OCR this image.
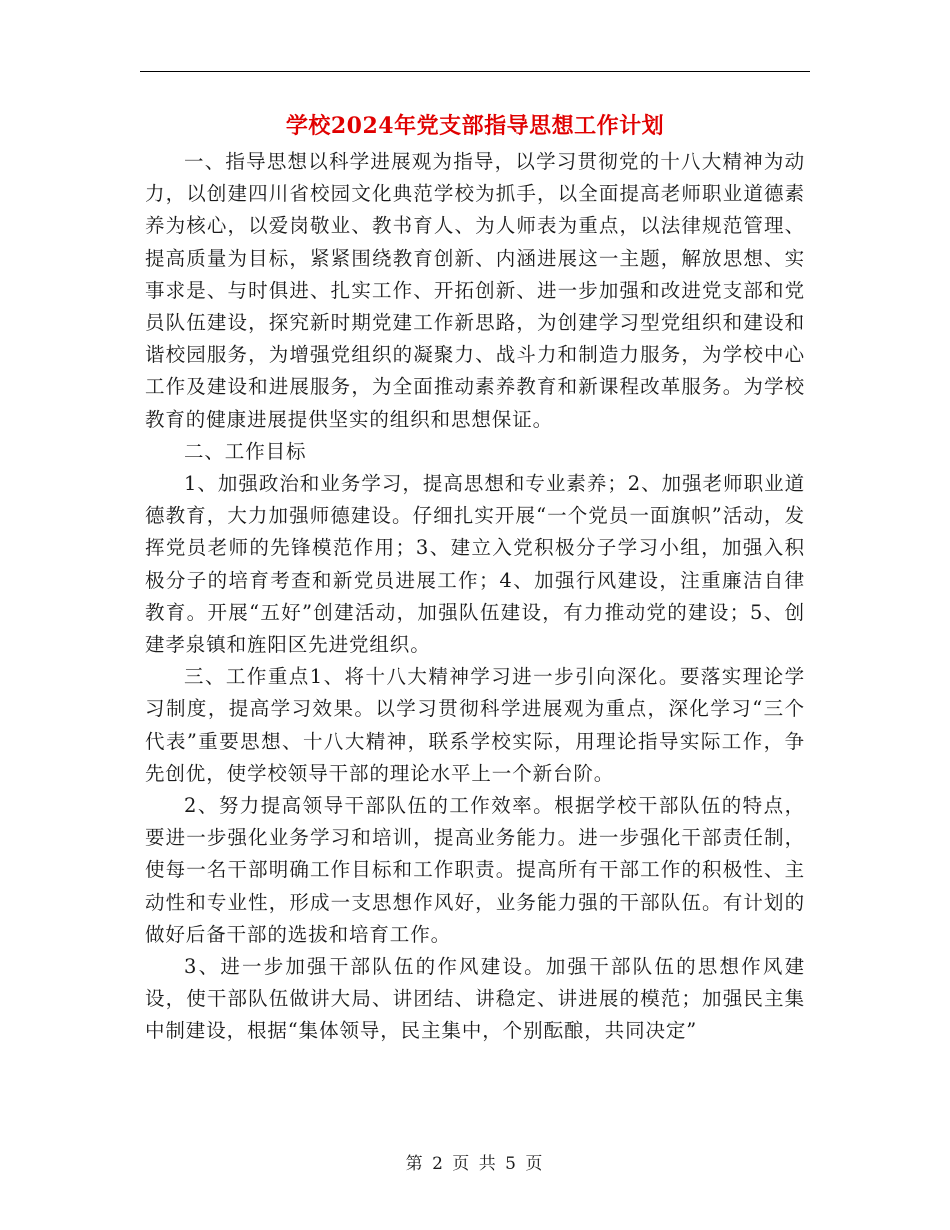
学校2024年党支部指导思想工作计划

一、指导思想以科学进展观为指导，以学习贯彻党的十八大精神为动力，以创建四川省校园文化典范学校为抓手，以全面提高老师职业道德素养为核心，以爱岗敬业、教书育人、为人师表为重点，以法律规范管理、提高质量为目标，紧紧围绕教育创新、内涵进展这一主题，解放思想、实事求是、与时俱进、扎实工作、开拓创新、进一步加强和改进党支部和党员队伍建设，探究新时期党建工作新思路，为创建学习型党组织和建设和谐校园服务，为增强党组织的凝聚力、战斗力和制造力服务，为学校中心工作及建设和进展服务，为全面推动素养教育和新课程改革服务。为学校教育的健康进展提供坚实的组织和思想保证。

二、工作目标

1、加强政治和业务学习，提高思想和专业素养；2、加强老师职业道德教育，大力加强师德建设。仔细扎实开展“一个党员一面旗帜”活动，发挥党员老师的先锋模范作用；3、建立入党积极分子学习小组，加强入积极分子的培育考查和新党员进展工作；4、加强行风建设，注重廉洁自律教育。开展“五好”创建活动，加强队伍建设，有力推动党的建设；5、创建孝泉镇和旌阳区先进党组织。

三、工作重点1、将十八大精神学习进一步引向深化。要落实理论学习制度，提高学习效果。以学习贯彻科学进展观为重点，深化学习“三个代表”重要思想、十八大精神，联系学校实际，用理论指导实际工作，争先创优，使学校领导干部的理论水平上一个新台阶。

2、努力提高领导干部队伍的工作效率。根据学校干部队伍的特点，要进一步强化业务学习和培训，提高业务能力。进一步强化干部责任制，使每一名干部明确工作目标和工作职责。提高所有干部工作的积极性、主动性和专业性，形成一支思想作风好，业务能力强的干部队伍。有计划的做好后备干部的选拔和培育工作。

3、进一步加强干部队伍的作风建设。加强干部队伍的思想作风建设，使干部队伍做讲大局、讲团结、讲稳定、讲进展的模范；加强民主集中制建设，根据“集体领导，民主集中，个别酝酿，共同决定”

第 2 页 共 5 页
